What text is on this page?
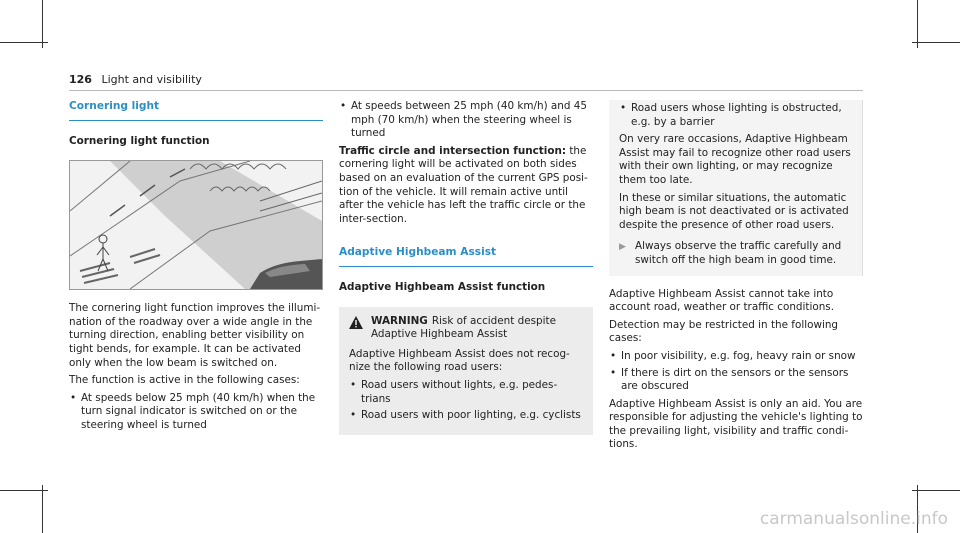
126 Light and visibility
Cornering light
Cornering light function

The cornering light function improves the illumi-nation of the roadway over a wide angle in the turning direction, enabling better visibility on tight bends, for example. It can be activated only when the low beam is switched on.

The function is active in the following cases:

• At speeds below 25 mph (40 km/h) when the turn signal indicator is switched on or the steering wheel is turned
• At speeds between 25 mph (40 km/h) and 45 mph (70 km/h) when the steering wheel is turned

Traffic circle and intersection function: the cornering light will be activated on both sides based on an evaluation of the current GPS posi-tion of the vehicle. It will remain active until after the vehicle has left the traffic circle or the inter-section.

Adaptive Highbeam Assist
Adaptive Highbeam Assist function
WARNING Risk of accident despite Adaptive Highbeam Assist

Adaptive Highbeam Assist does not recog-nize the following road users:

• Road users without lights, e.g. pedes-trians
• Road users with poor lighting, e.g. cyclists
• Road users whose lighting is obstructed, e.g. by a barrier

On very rare occasions, Adaptive Highbeam Assist may fail to recognize other road users with their own lighting, or may recognize them too late.

In these or similar situations, the automatic high beam is not deactivated or is activated despite the presence of other road users.

▶ Always observe the traffic carefully and switch off the high beam in good time.

Adaptive Highbeam Assist cannot take into account road, weather or traffic conditions.

Detection may be restricted in the following cases:

• In poor visibility, e.g. fog, heavy rain or snow
• If there is dirt on the sensors or the sensors are obscured

Adaptive Highbeam Assist is only an aid. You are responsible for adjusting the vehicle's lighting to the prevailing light, visibility and traffic condi-tions.

carmanualsonline.info
